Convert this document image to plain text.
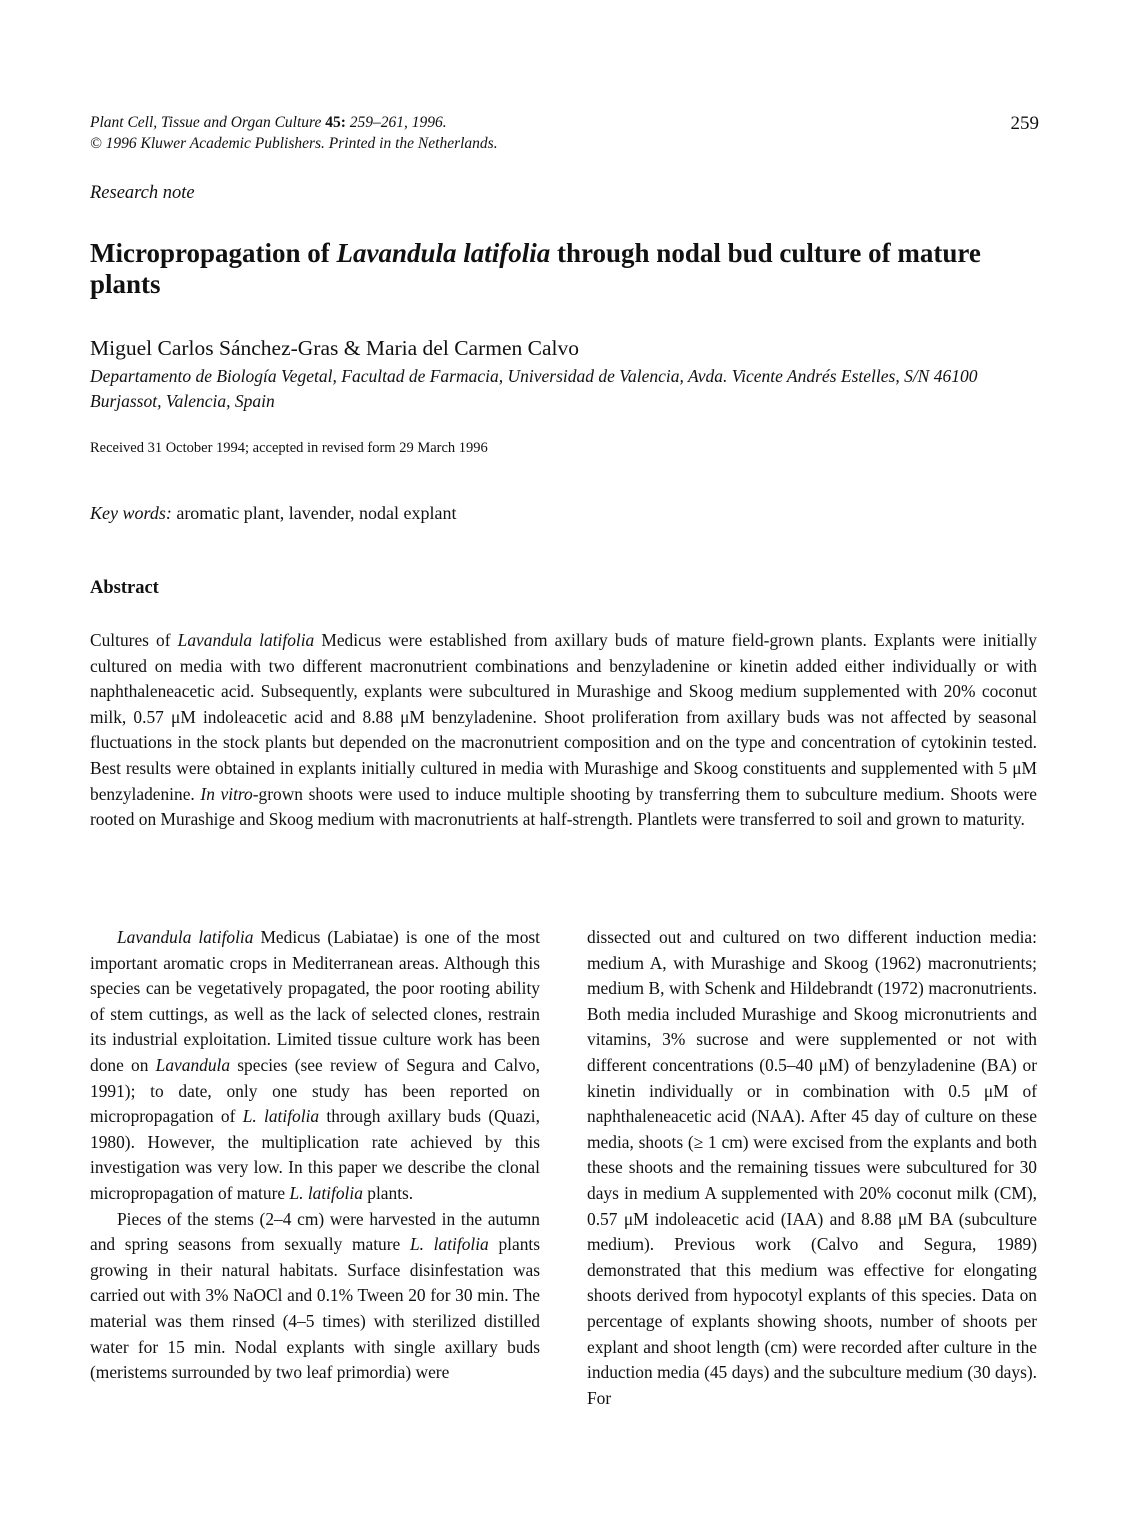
Plant Cell, Tissue and Organ Culture 45: 259–261, 1996.
© 1996 Kluwer Academic Publishers. Printed in the Netherlands.
259
Research note
Micropropagation of Lavandula latifolia through nodal bud culture of mature plants
Miguel Carlos Sánchez-Gras & Maria del Carmen Calvo
Departamento de Biología Vegetal, Facultad de Farmacia, Universidad de Valencia, Avda. Vicente Andrés Estelles, S/N 46100 Burjassot, Valencia, Spain
Received 31 October 1994; accepted in revised form 29 March 1996
Key words: aromatic plant, lavender, nodal explant
Abstract
Cultures of Lavandula latifolia Medicus were established from axillary buds of mature field-grown plants. Explants were initially cultured on media with two different macronutrient combinations and benzyladenine or kinetin added either individually or with naphthaleneacetic acid. Subsequently, explants were subcultured in Murashige and Skoog medium supplemented with 20% coconut milk, 0.57 μM indoleacetic acid and 8.88 μM benzyladenine. Shoot proliferation from axillary buds was not affected by seasonal fluctuations in the stock plants but depended on the macronutrient composition and on the type and concentration of cytokinin tested. Best results were obtained in explants initially cultured in media with Murashige and Skoog constituents and supplemented with 5 μM benzyladenine. In vitro-grown shoots were used to induce multiple shooting by transferring them to subculture medium. Shoots were rooted on Murashige and Skoog medium with macronutrients at half-strength. Plantlets were transferred to soil and grown to maturity.

Lavandula latifolia Medicus (Labiatae) is one of the most important aromatic crops in Mediterranean areas. Although this species can be vegetatively propagated, the poor rooting ability of stem cuttings, as well as the lack of selected clones, restrain its industrial exploitation. Limited tissue culture work has been done on Lavandula species (see review of Segura and Calvo, 1991); to date, only one study has been reported on micropropagation of L. latifolia through axillary buds (Quazi, 1980). However, the multiplication rate achieved by this investigation was very low. In this paper we describe the clonal micropropagation of mature L. latifolia plants.

Pieces of the stems (2–4 cm) were harvested in the autumn and spring seasons from sexually mature L. latifolia plants growing in their natural habitats. Surface disinfestation was carried out with 3% NaOCl and 0.1% Tween 20 for 30 min. The material was them rinsed (4–5 times) with sterilized distilled water for 15 min. Nodal explants with single axillary buds (meristems surrounded by two leaf primordia) were

dissected out and cultured on two different induction media: medium A, with Murashige and Skoog (1962) macronutrients; medium B, with Schenk and Hildebrandt (1972) macronutrients. Both media included Murashige and Skoog micronutrients and vitamins, 3% sucrose and were supplemented or not with different concentrations (0.5–40 μM) of benzyladenine (BA) or kinetin individually or in combination with 0.5 μM of naphthaleneacetic acid (NAA). After 45 day of culture on these media, shoots (≥ 1 cm) were excised from the explants and both these shoots and the remaining tissues were subcultured for 30 days in medium A supplemented with 20% coconut milk (CM), 0.57 μM indoleacetic acid (IAA) and 8.88 μM BA (subculture medium). Previous work (Calvo and Segura, 1989) demonstrated that this medium was effective for elongating shoots derived from hypocotyl explants of this species. Data on percentage of explants showing shoots, number of shoots per explant and shoot length (cm) were recorded after culture in the induction media (45 days) and the subculture medium (30 days). For
